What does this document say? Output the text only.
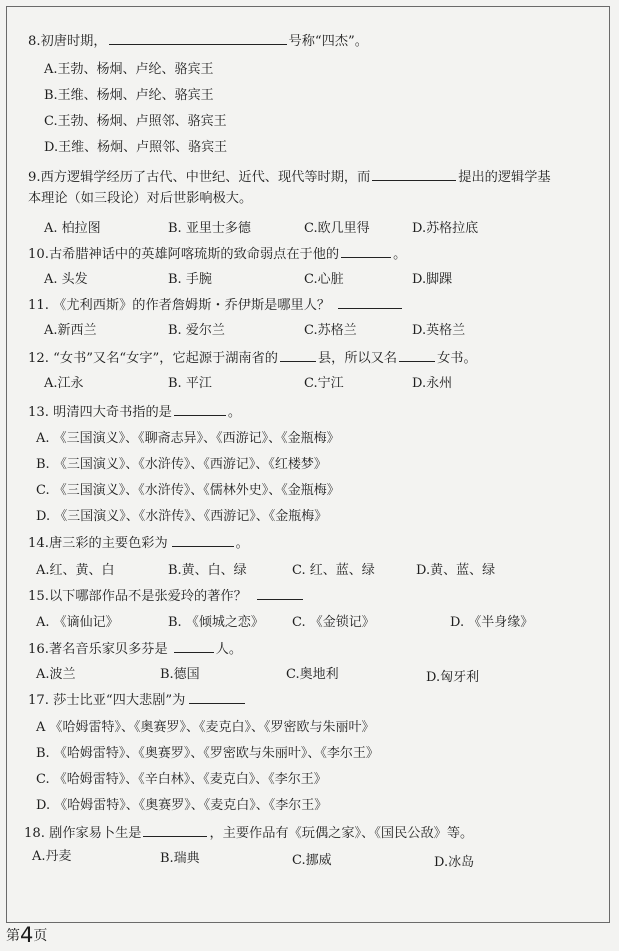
8.初唐时期，	号称“四杰”。
A.王勃、杨炯、卢纶、骆宾王
B.王维、杨炯、卢纶、骆宾王
C.王勃、杨炯、卢照邻、骆宾王
D.王维、杨炯、卢照邻、骆宾王
9.西方逻辑学经历了古代、中世纪、近代、现代等时期，而	提出的逻辑学基
本理论（如三段论）对后世影响极大。
A. 柏拉图	B. 亚里士多德	C.欧几里得	D.苏格拉底
10.古希腊神话中的英雄阿喀琉斯的致命弱点在于他的	。
A. 头发	B. 手腕	C.心脏	D.脚踝
11. 《尤利西斯》的作者詹姆斯・乔伊斯是哪里人？
A.新西兰	B. 爱尔兰	C.苏格兰	D.英格兰
12. “女书”又名“女字”，它起源于湖南省的	县，所以又名	女书。
A.江永	B. 平江	C.宁江	D.永州
13. 明清四大奇书指的是	。
A. 《三国演义》、《聊斋志异》、《西游记》、《金瓶梅》
B. 《三国演义》、《水浒传》、《西游记》、《红楼梦》
C. 《三国演义》、《水浒传》、《儒林外史》、《金瓶梅》
D. 《三国演义》、《水浒传》、《西游记》、《金瓶梅》
14.唐三彩的主要色彩为	。
A.红、黄、白	B.黄、白、绿	C. 红、蓝、绿	D.黄、蓝、绿
15.以下哪部作品不是张爱玲的著作？
A. 《谪仙记》	B. 《倾城之恋》 C. 《金锁记》	D. 《半身缘》
16.著名音乐家贝多芬是	人。
A.波兰	B.德国	C.奥地利	D.匈牙利
17. 莎士比亚“四大悲剧”为
A 《哈姆雷特》、《奥赛罗》、《麦克白》、《罗密欧与朱丽叶》
B. 《哈姆雷特》、《奥赛罗》、《罗密欧与朱丽叶》、《李尔王》
C. 《哈姆雷特》、《辛白林》、《麦克白》、《李尔王》
D. 《哈姆雷特》、《奥赛罗》、《麦克白》、《李尔王》
18. 剧作家易卜生是	，主要作品有《玩偶之家》、《国民公敌》等。
A.丹麦	B.瑞典	C.挪威	D.冰岛
第4页
